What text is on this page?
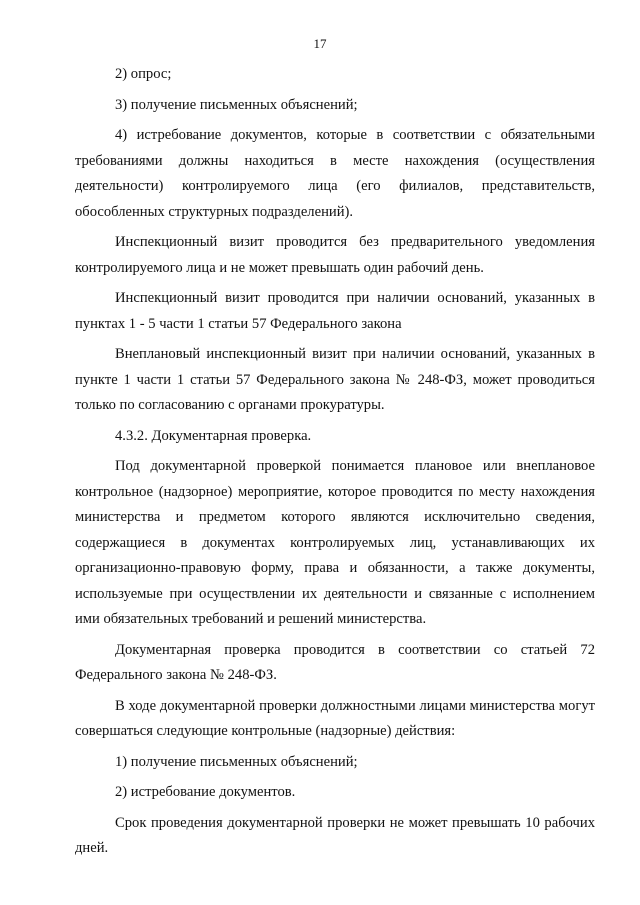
17

2) опрос;

3) получение письменных объяснений;

4) истребование документов, которые в соответствии с обязательными требованиями должны находиться в месте нахождения (осуществления деятельности) контролируемого лица (его филиалов, представительств, обособленных структурных подразделений).

Инспекционный визит проводится без предварительного уведомления контролируемого лица и не может превышать один рабочий день.

Инспекционный визит проводится при наличии оснований, указанных в пунктах 1 - 5 части 1 статьи 57 Федерального закона

Внеплановый инспекционный визит при наличии оснований, указанных в пункте 1 части 1 статьи 57 Федерального закона № 248-ФЗ, может проводиться только по согласованию с органами прокуратуры.

4.3.2. Документарная проверка.

Под документарной проверкой понимается плановое или внеплановое контрольное (надзорное) мероприятие, которое проводится по месту нахождения министерства и предметом которого являются исключительно сведения, содержащиеся в документах контролируемых лиц, устанавливающих их организационно-правовую форму, права и обязанности, а также документы, используемые при осуществлении их деятельности и связанные с исполнением ими обязательных требований и решений министерства.

Документарная проверка проводится в соответствии со статьей 72 Федерального закона № 248-ФЗ.

В ходе документарной проверки должностными лицами министерства могут совершаться следующие контрольные (надзорные) действия:

1) получение письменных объяснений;

2) истребование документов.

Срок проведения документарной проверки не может превышать 10 рабочих дней.
